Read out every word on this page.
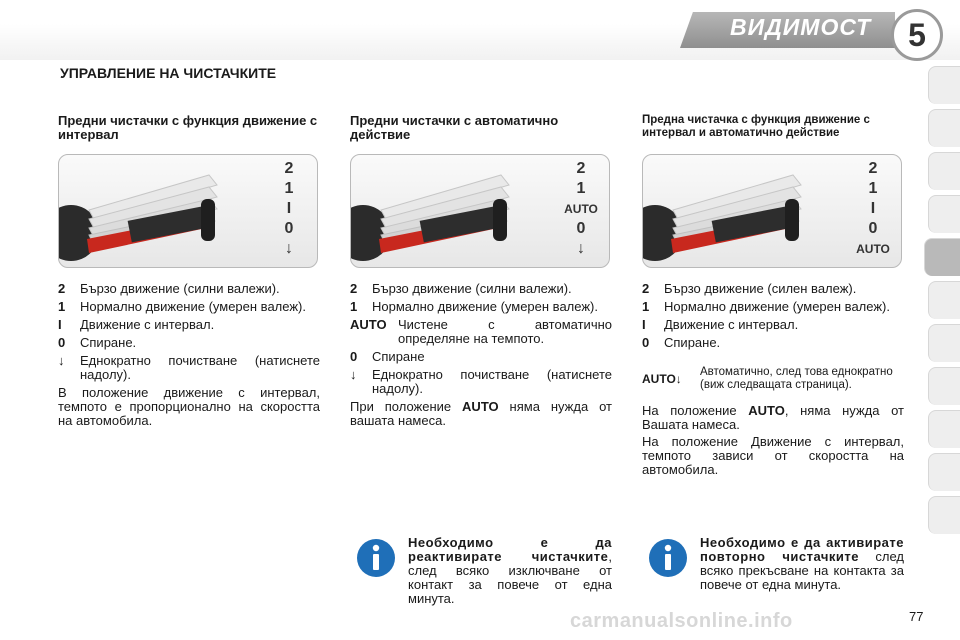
ВИДИМОСТ 5
УПРАВЛЕНИЕ НА ЧИСТАЧКИТЕ
Предни чистачки с функция движение с интервал
2
1
I
0
↓
2	Бързо движение (силни валежи).
1	Нормално движение (умерен валеж).
I	Движение с интервал.
0	Спиране.
↓	Еднократно почистване (натиснете надолу).

В положение движение с интервал, темпото е пропорционално на скоростта на автомобила.

Предни чистачки с автоматично действие
2
1
AUTO
0
↓
2	Бързо движение (силни валежи).
1	Нормално движение (умерен валеж).
AUTO Чистене с автоматично определяне на темпото.
0	Спиране
↓	Еднократно почистване (натиснете надолу).

При положение AUTO няма нужда от вашата намеса.

Предна чистачка с функция движение с интервал и автоматично действие
2
1
I
0
AUTO
2	Бързо движение (силен валеж).
1	Нормално движение (умерен валеж).
I	Движение с интервал.
0	Спиране.
AUTO ↓	Автоматично, след това еднократно (виж следващата страница).

На положение AUTO, няма нужда от Вашата намеса.

На положение Движение с интервал, темпото зависи от скоростта на автомобила.

Необходимо е да реактивирате чистачките, след всяко изключване от контакт за повече от една минута.
Необходимо е да активирате повторно чистачките след всяко прекъсване на контакта за повече от една минута.
carmanualsonline.info	77
